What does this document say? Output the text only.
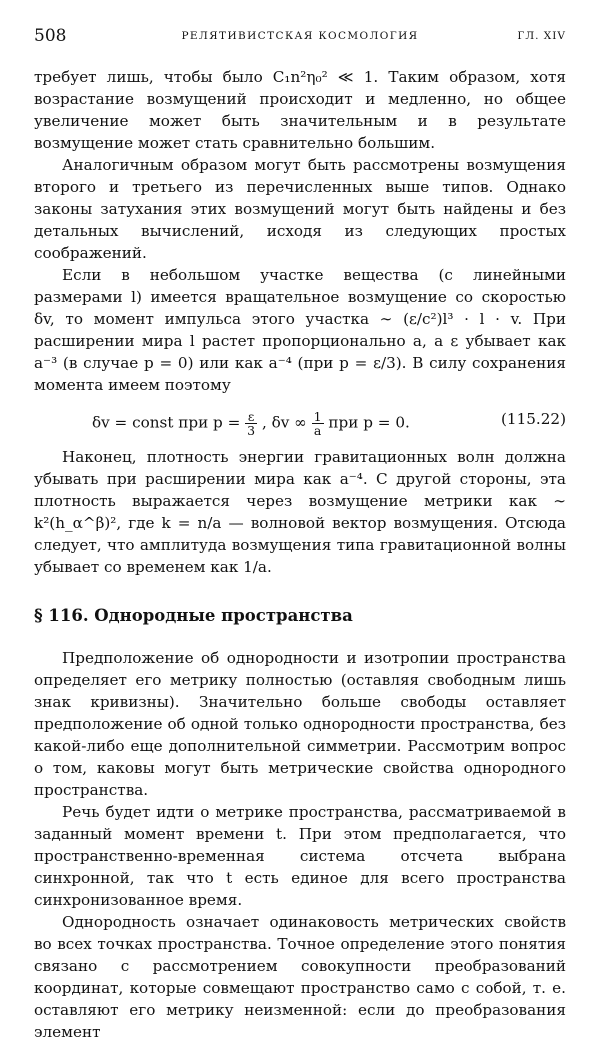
508	РЕЛЯТИВИСТСКАЯ КОСМОЛОГИЯ	ГЛ. XIV

требует лишь, чтобы было C₁n²η₀² ≪ 1. Таким образом, хотя возрастание возмущений происходит и медленно, но общее увеличение может быть значительным и в результате возмущение может стать сравнительно большим.

Аналогичным образом могут быть рассмотрены возмущения второго и третьего из перечисленных выше типов. Однако законы затухания этих возмущений могут быть найдены и без детальных вычислений, исходя из следующих простых соображений.

Если в небольшом участке вещества (с линейными размерами l) имеется вращательное возмущение со скоростью δv, то момент импульса этого участка ∼ (ε/c²)l³ · l · v. При расширении мира l растет пропорционально a, а ε убывает как a⁻³ (в случае p = 0) или как a⁻⁴ (при p = ε/3). В силу сохранения момента имеем поэтому

δv = const при $p = \frac{\varepsilon}{3}$ , δv ∞ $\frac{1}{a}$ при p = 0.	(115.22)

Наконец, плотность энергии гравитационных волн должна убывать при расширении мира как a⁻⁴. С другой стороны, эта плотность выражается через возмущение метрики как ∼ k²(h_α^β)², где k = n/a — волновой вектор возмущения. Отсюда следует, что амплитуда возмущения типа гравитационной волны убывает со временем как 1/a.

§ 116. Однородные пространства

Предположение об однородности и изотропии пространства определяет его метрику полностью (оставляя свободным лишь знак кривизны). Значительно больше свободы оставляет предположение об одной только однородности пространства, без какой-либо еще дополнительной симметрии. Рассмотрим вопрос о том, каковы могут быть метрические свойства однородного пространства.

Речь будет идти о метрике пространства, рассматриваемой в заданный момент времени t. При этом предполагается, что пространственно-временная система отсчета выбрана синхронной, так что t есть единое для всего пространства синхронизованное время.

Однородность означает одинаковость метрических свойств во всех точках пространства. Точное определение этого понятия связано с рассмотрением совокупности преобразований координат, которые совмещают пространство само с собой, т. е. оставляют его метрику неизменной: если до преобразования элемент
